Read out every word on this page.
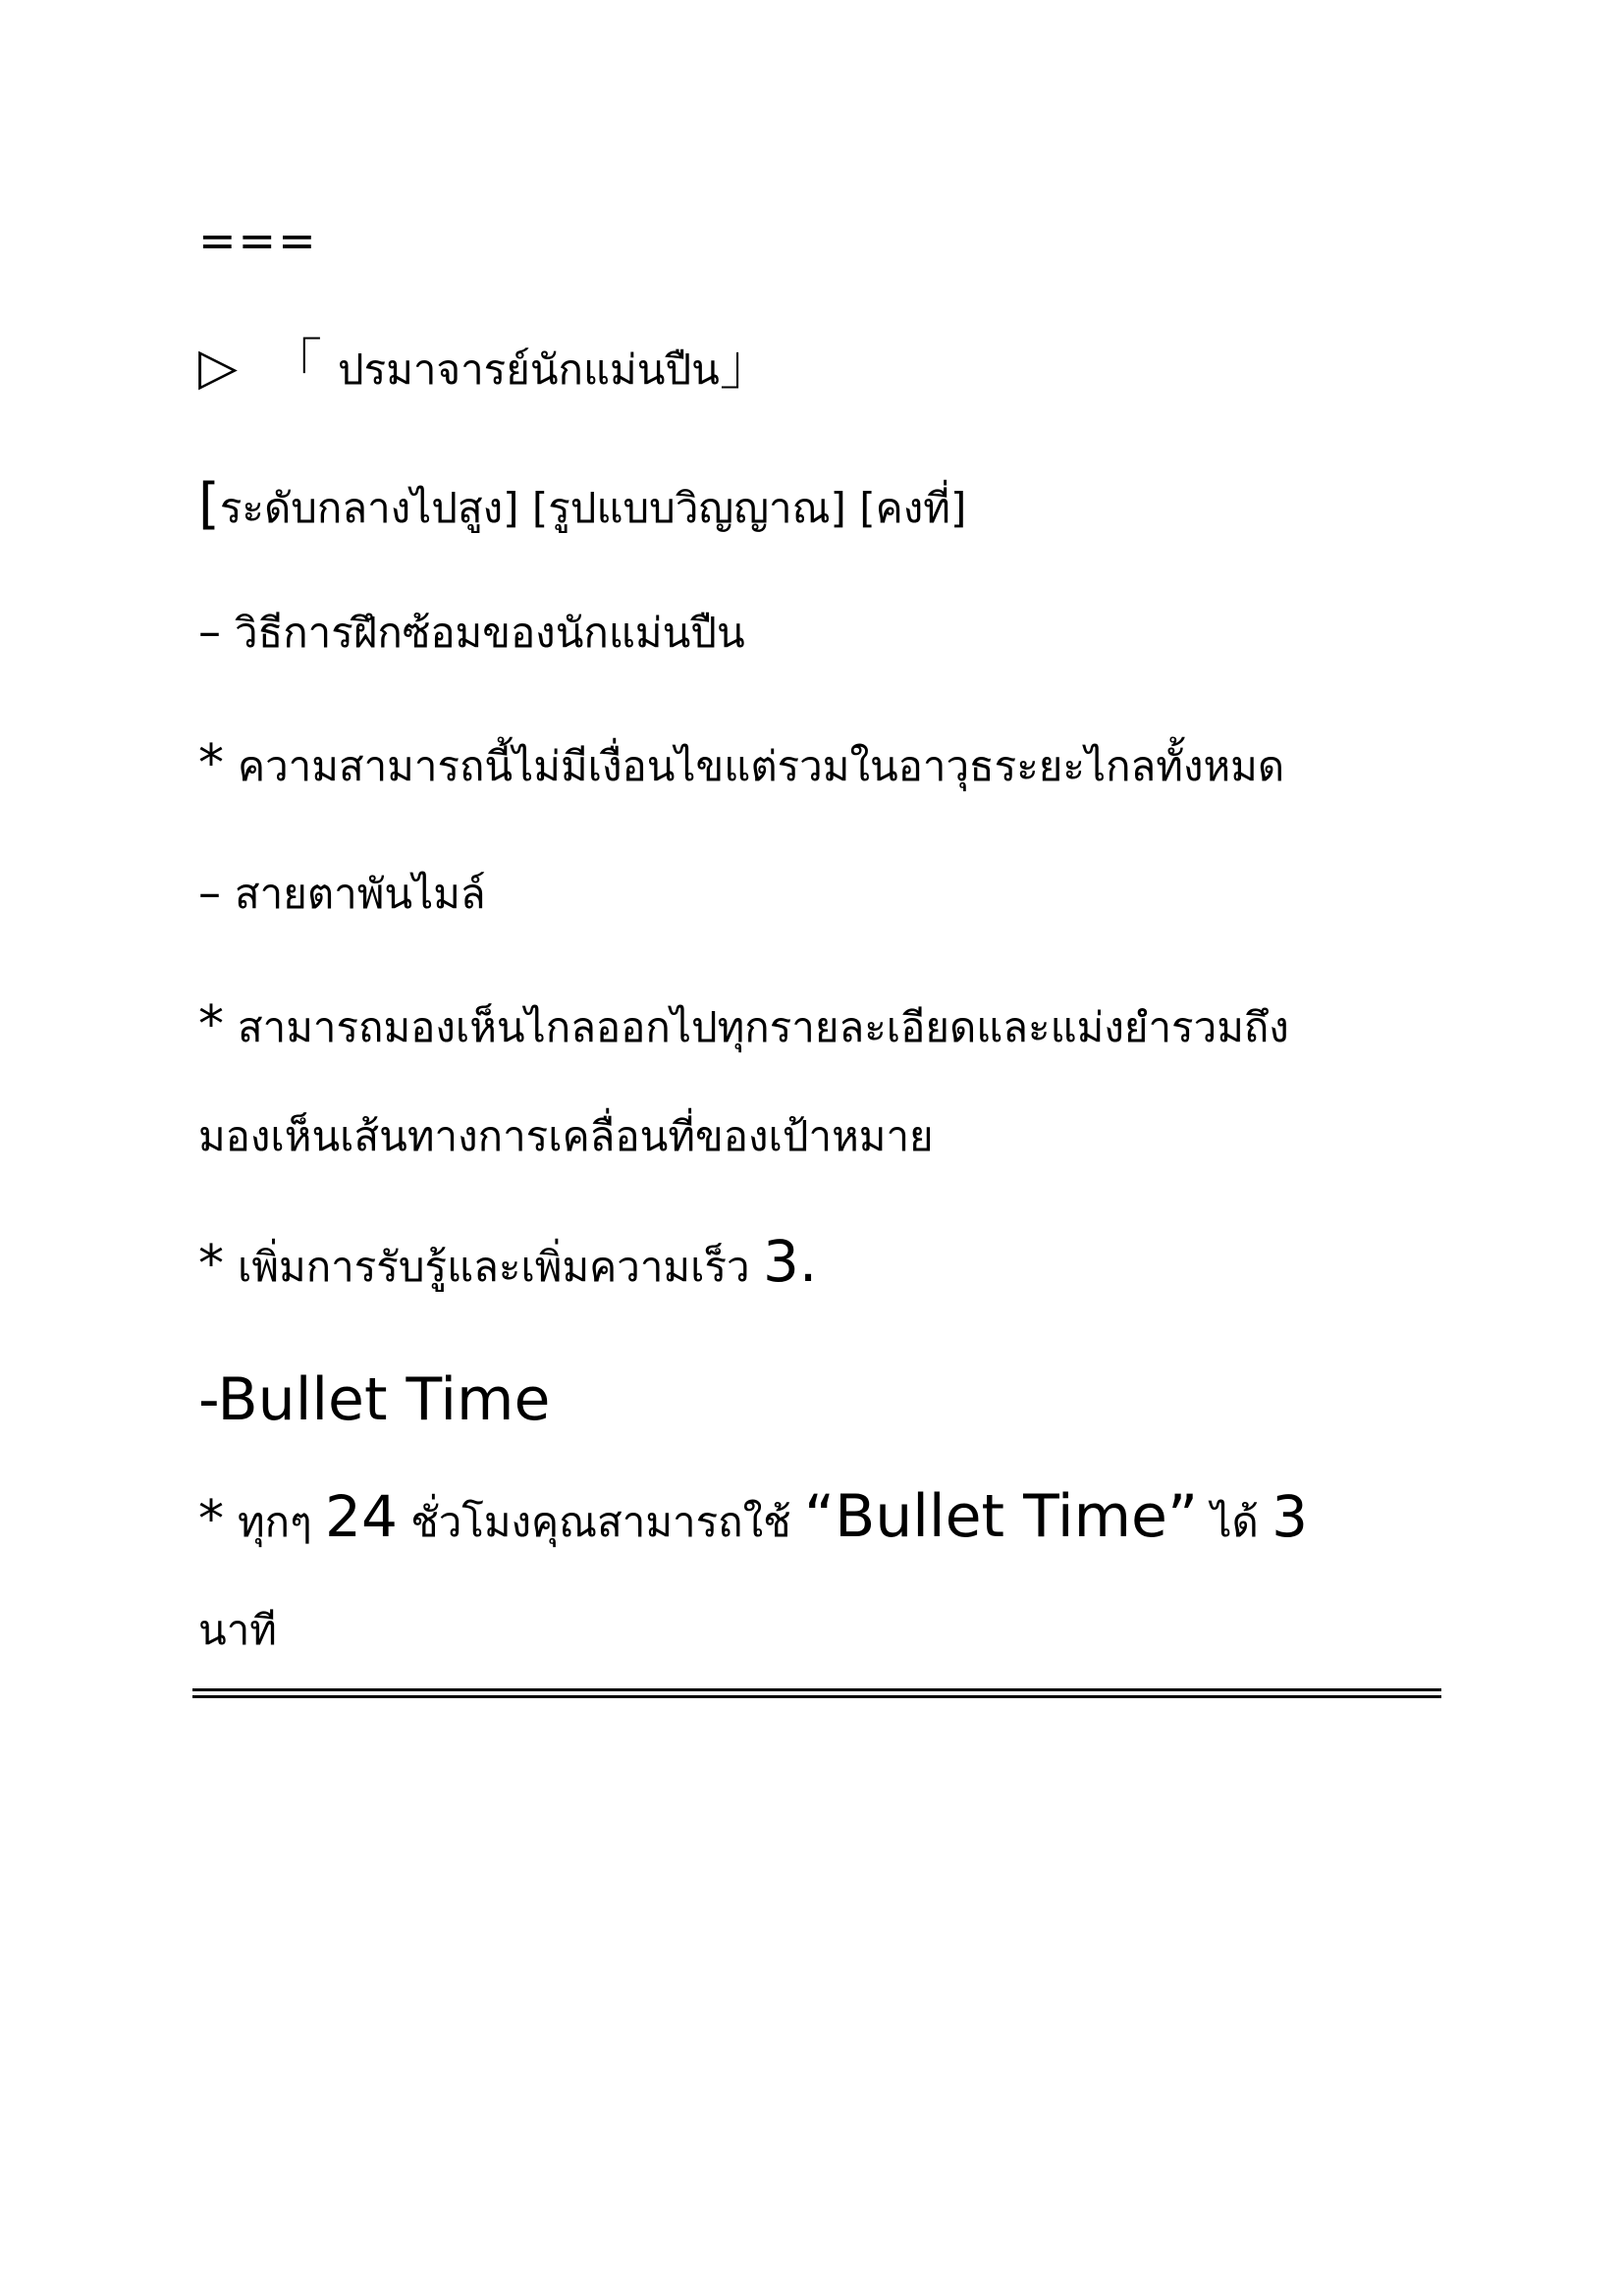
===
▷ 「 ปรมาจารย์นักแม่นปืน」
[ระดับกลางไปสูง] [รูปแบบวิญญาณ] [คงที่]
– วิธีการฝึกซ้อมของนักแม่นปืน
* ความสามารถนี้ไม่มีเงื่อนไขแต่รวมในอาวุธระยะไกลทั้งหมด
– สายตาพันไมล์
* สามารถมองเห็นไกลออกไปทุกรายละเอียดและแม่งยำรวมถึง
มองเห็นเส้นทางการเคลื่อนที่ของเป้าหมาย
* เพิ่มการรับรู้และเพิ่มความเร็ว 3.
-Bullet Time
* ทุกๆ 24 ชั่วโมงคุณสามารถใช้ “Bullet Time” ได้ 3
นาที
